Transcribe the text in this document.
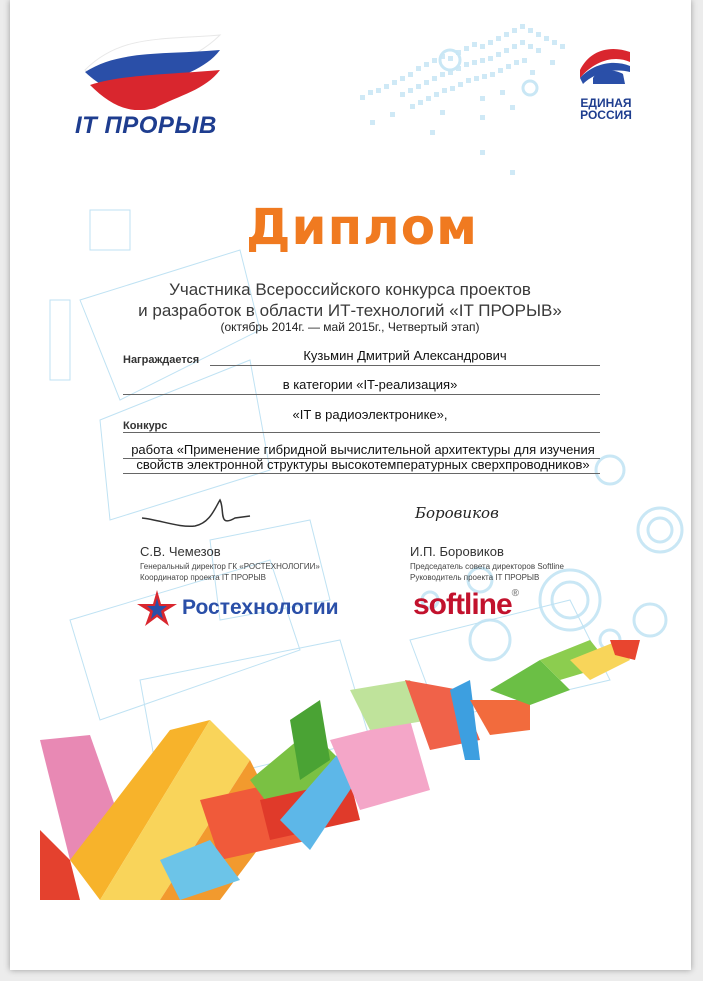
IT ПРОРЫВ
ЕДИНАЯ
РОССИЯ
Диплом
Участника Всероссийского конкурса проектов
и разработок в области ИТ-технологий «IT ПРОРЫВ»
(октябрь 2014г. — май 2015г., Четвертый этап)
Награждается	Кузьмин Дмитрий Александрович
в категории «IT-реализация»
«IT в радиоэлектронике»,
Конкурс
работа «Применение гибридной вычислительной архитектуры для изучения
свойств электронной структуры высокотемпературных сверхпроводников»
С.В. Чемезов
Генеральный директор ГК «РОСТЕХНОЛОГИИ»
Координатор проекта IT ПРОРЫВ
Боровиков
И.П. Боровиков
Председатель совета директоров Softline
Руководитель проекта IT ПРОРЫВ
Ростехнологии softline®
